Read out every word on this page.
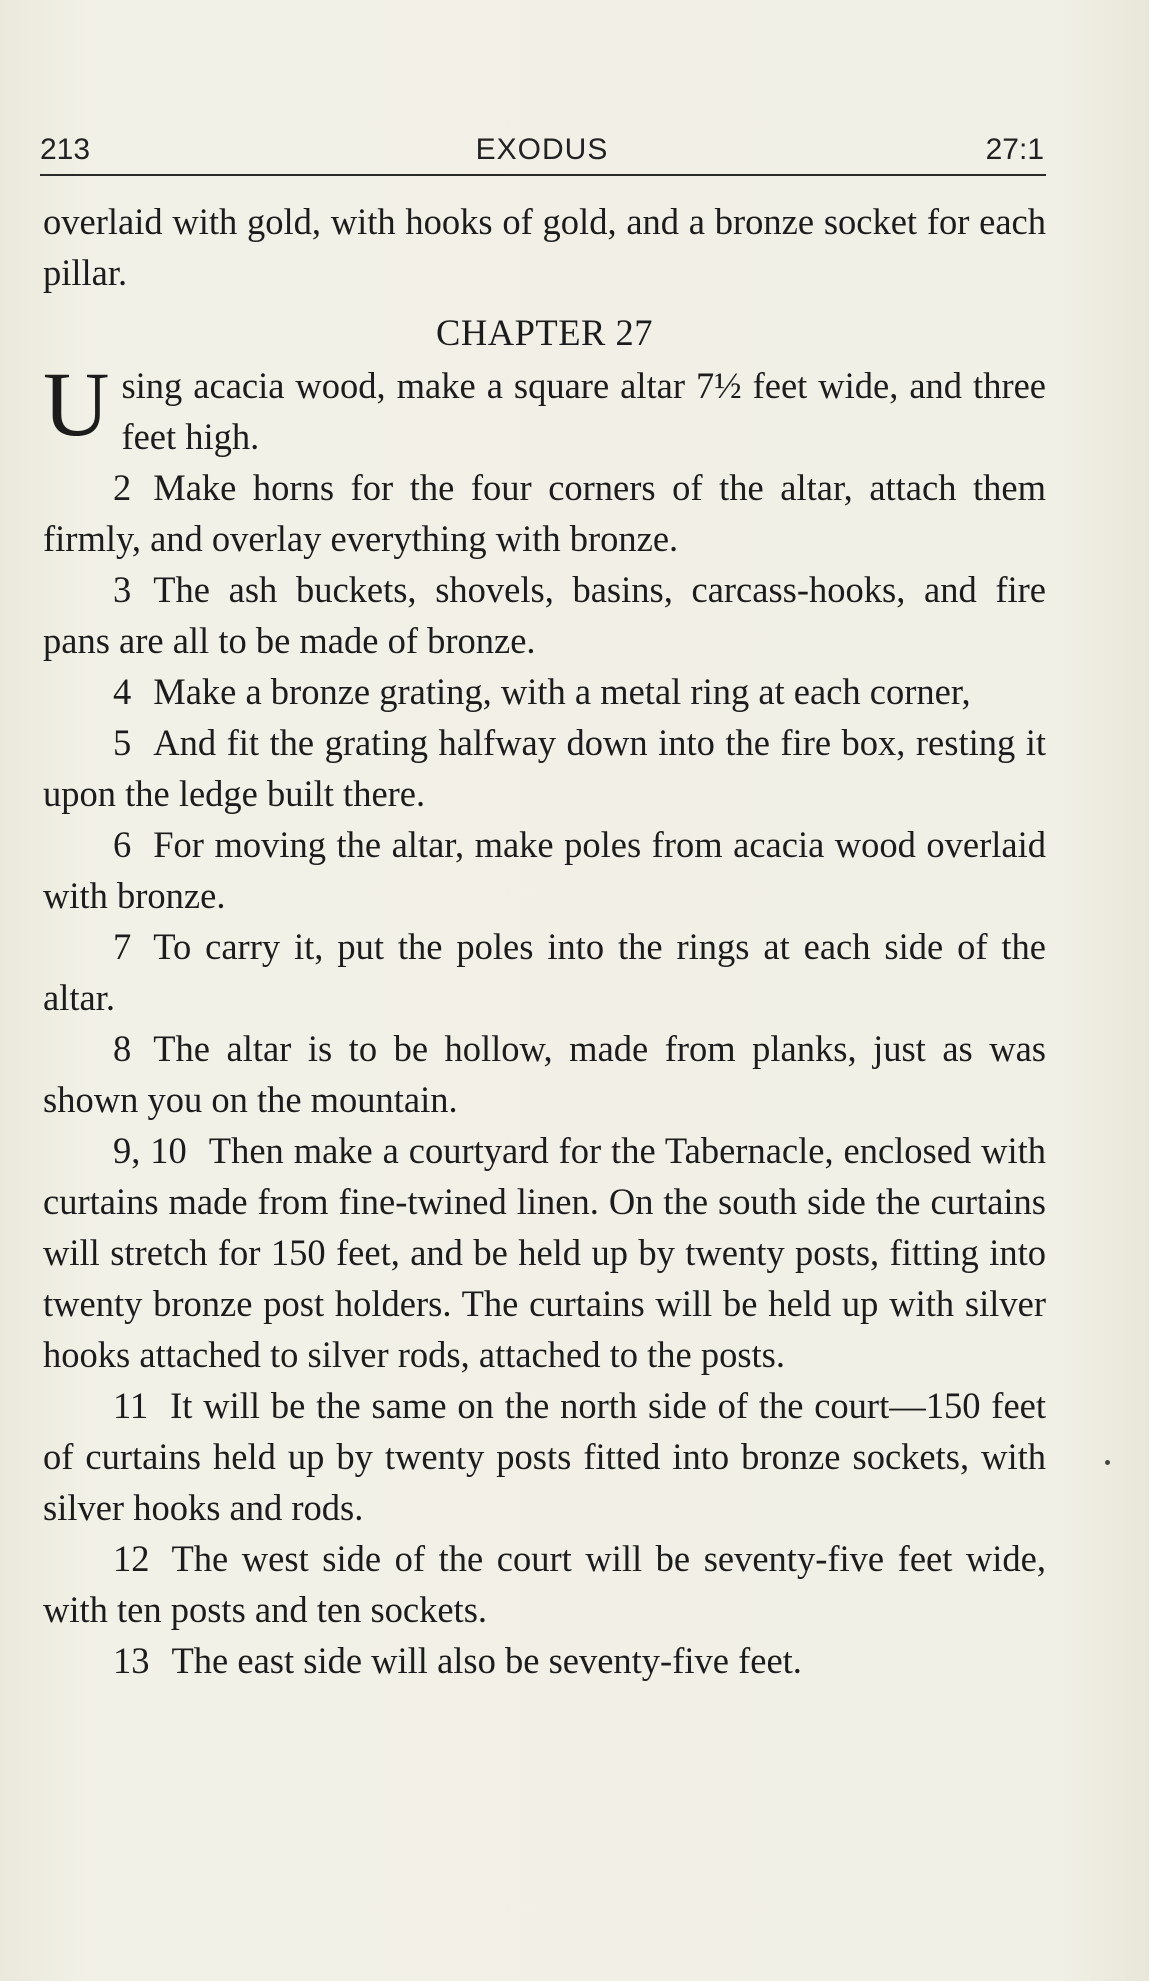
213	EXODUS	27:1

overlaid with gold, with hooks of gold, and a bronze socket for each pillar.

CHAPTER 27

Using acacia wood, make a square altar 7½ feet wide, and three feet high.

2 Make horns for the four corners of the altar, attach them firmly, and overlay everything with bronze.

3 The ash buckets, shovels, basins, carcass-hooks, and fire pans are all to be made of bronze.

4 Make a bronze grating, with a metal ring at each corner,

5 And fit the grating halfway down into the fire box, resting it upon the ledge built there.

6 For moving the altar, make poles from acacia wood overlaid with bronze.

7 To carry it, put the poles into the rings at each side of the altar.

8 The altar is to be hollow, made from planks, just as was shown you on the mountain.

9, 10 Then make a courtyard for the Tabernacle, enclosed with curtains made from fine-twined linen. On the south side the curtains will stretch for 150 feet, and be held up by twenty posts, fitting into twenty bronze post holders. The curtains will be held up with silver hooks attached to silver rods, attached to the posts.

11 It will be the same on the north side of the court—150 feet of curtains held up by twenty posts fitted into bronze sockets, with silver hooks and rods.

12 The west side of the court will be seventy-five feet wide, with ten posts and ten sockets.

13 The east side will also be seventy-five feet.
